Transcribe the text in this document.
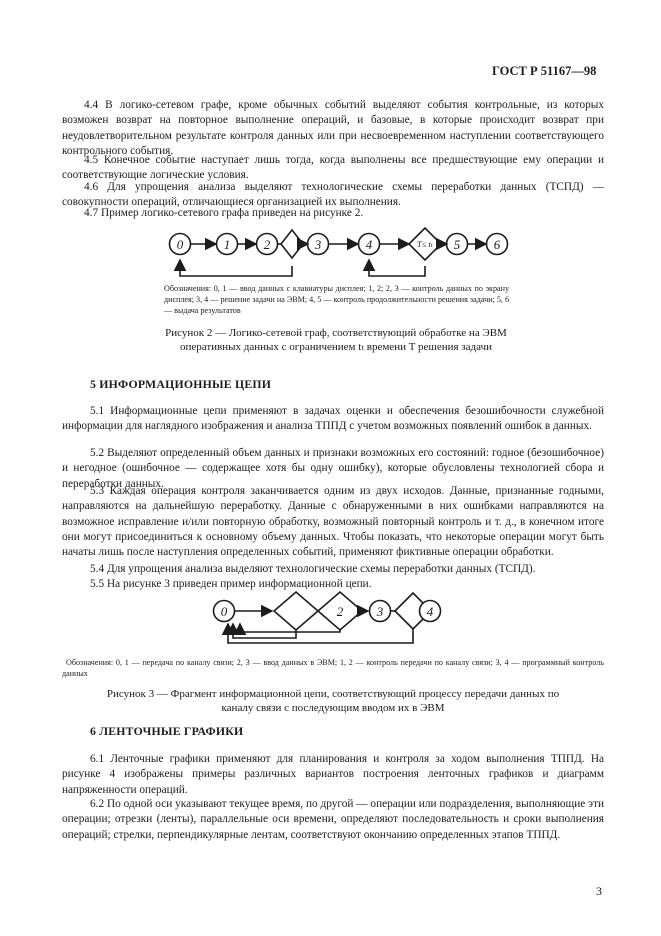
ГОСТ Р 51167—98

4.4 В логико-сетевом графе, кроме обычных событий выделяют события контрольные, из которых возможен возврат на повторное выполнение операций, и базовые, в которые происходит возврат при неудовлетворительном результате контроля данных или при несвоевременном наступлении соответствующего контрольного события.

4.5 Конечное событие наступает лишь тогда, когда выполнены все предшествующие ему операции и соответствующие логические условия.

4.6 Для упрощения анализа выделяют технологические схемы переработки данных (ТСПД) — совокупности операций, отличающиеся организацией их выполнения.

4.7 Пример логико-сетевого графа приведен на рисунке 2.

0	1	2	3	4	T≤ tₜ 5	6
0	2	3	4

Обозначения: 0, 1 — ввод данных с клавиатуры дисплея; 1, 2; 2, 3 — контроль данных по экрану дисплея; 3, 4 — решение задачи на ЭВМ; 4, 5 — контроль продолжительности решения задачи; 5, 6 — выдача результатов

Рисунок 2 — Логико-сетевой граф, соответствующий обработке на ЭВМ оперативных данных с ограничением tₜ времени T решения задачи

5 ИНФОРМАЦИОННЫЕ ЦЕПИ

5.1 Информационные цепи применяют в задачах оценки и обеспечения безошибочности служебной информации для наглядного изображения и анализа ТППД с учетом возможных появлений ошибок в данных.

5.2 Выделяют определенный объем данных и признаки возможных его состояний: годное (безошибочное) и негодное (ошибочное — содержащее хотя бы одну ошибку), которые обусловлены технологией сбора и переработки данных.

5.3 Каждая операция контроля заканчивается одним из двух исходов. Данные, признанные годными, направляются на дальнейшую переработку. Данные с обнаруженными в них ошибками направляются на возможное исправление и/или повторную обработку, возможный повторный контроль и т. д., в конечном итоге они могут присоединиться к основному объему данных. Чтобы показать, что некоторые операции могут быть начаты лишь после наступления определенных событий, применяют фиктивные операции обработки.

5.4 Для упрощения анализа выделяют технологические схемы переработки данных (ТСПД).

5.5 На рисунке 3 приведен пример информационной цепи.

Обозначения: 0, 1 — передача по каналу связи; 2, 3 — ввод данных в ЭВМ; 1, 2 — контроль передачи по каналу связи; 3, 4 — программный контроль данных

Рисунок 3 — Фрагмент информационной цепи, соответствующий процессу передачи данных по каналу связи с последующим вводом их в ЭВМ

6 ЛЕНТОЧНЫЕ ГРАФИКИ

6.1 Ленточные графики применяют для планирования и контроля за ходом выполнения ТППД. На рисунке 4 изображены примеры различных вариантов построения ленточных графиков и диаграмм напряженности операций.

6.2 По одной оси указывают текущее время, по другой — операции или подразделения, выполняющие эти операции; отрезки (ленты), параллельные оси времени, определяют последовательность и сроки выполнения операций; стрелки, перпендикулярные лентам, соответствуют окончанию определенных этапов ТППД.

3
